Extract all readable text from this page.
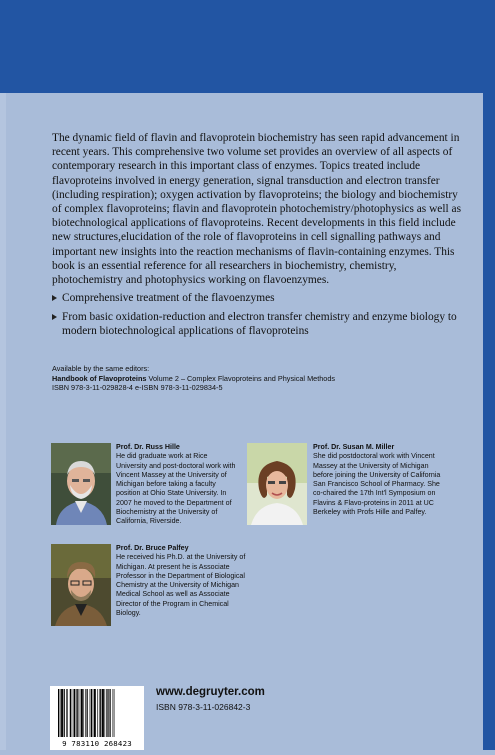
The dynamic field of flavin and flavoprotein biochemistry has seen rapid advancement in recent years. This comprehensive two volume set provides an overview of all aspects of contemporary research in this important class of enzymes. Topics treated include flavoproteins involved in energy generation, signal transduction and electron transfer (including respiration); oxygen activation by flavoproteins; the biology and biochemistry of complex flavoproteins; flavin and flavoprotein photochemistry/photophysics as well as biotechnological applications of flavoproteins. Recent developments in this field include new structures,elucidation of the role of flavoproteins in cell signalling pathways and important new insights into the reaction mechanisms of flavin-containing enzymes. This book is an essential reference for all researchers in biochemistry, chemistry, photochemistry and photophysics working on flavoenzymes.

Comprehensive treatment of the flavoenzymes
From basic oxidation-reduction and electron transfer chemistry and enzyme biology to modern biotechnological applications of flavoproteins
Available by the same editors:
Handbook of Flavoproteins Volume 2 – Complex Flavoproteins and Physical Methods
ISBN 978-3-11-029828-4 e-ISBN 978-3-11-029834-5
Prof. Dr. Russ Hille
He did graduate work at Rice University and post-doctoral work with Vincent Massey at the University of Michigan before taking a faculty position at Ohio State University. In 2007 he moved to the Department of Biochemistry at the University of California, Riverside.
Prof. Dr. Susan M. Miller
She did postdoctoral work with Vincent Massey at the University of Michigan before joining the University of California San Francisco School of Pharmacy. She co-chaired the 17th Int'l Symposium on Flavins & Flavo-proteins in 2011 at UC Berkeley with Profs Hille and Palfey.
Prof. Dr. Bruce Palfey
He received his Ph.D. at the University of Michigan. At present he is Associate Professor in the Department of Biological Chemistry at the University of Michigan Medical School as well as Associate Director of the Program in Chemical Biology.
9 783110 268423
www.degruyter.com
ISBN 978-3-11-026842-3
